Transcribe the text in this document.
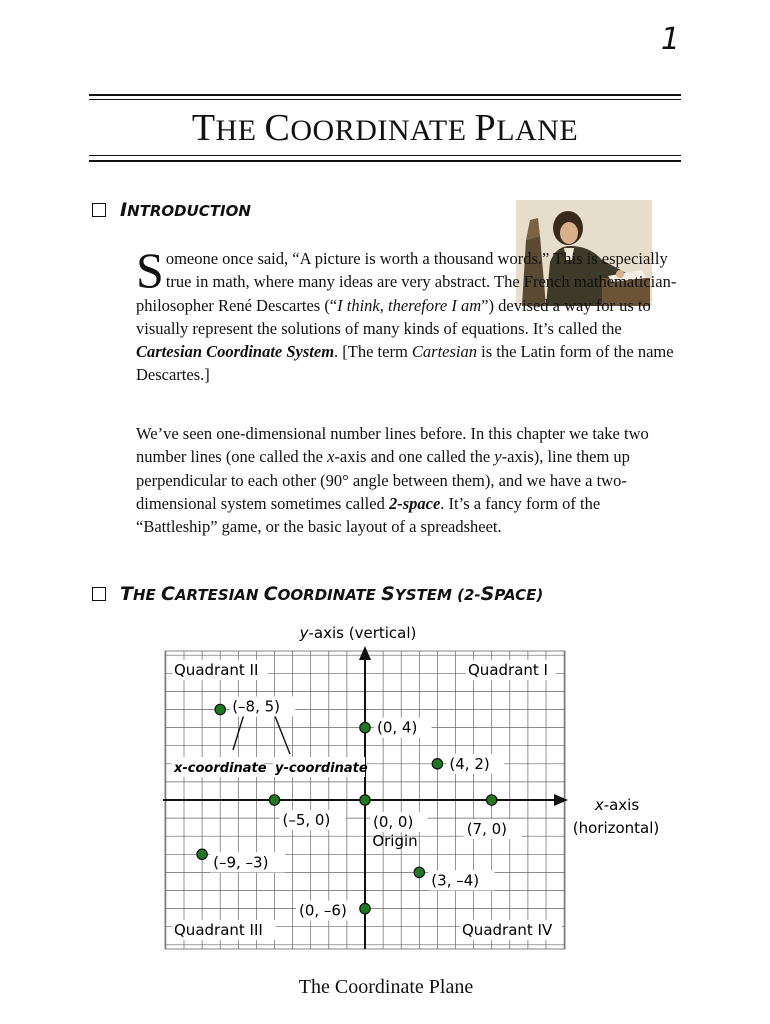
1
THE COORDINATE PLANE
INTRODUCTION
Someone once said, “A picture is worth a thousand words.” This is especially true in math, where many ideas are very abstract. The French mathematician-philosopher René Descartes (“I think, therefore I am”) devised a way for us to visually represent the solutions of many kinds of equations. It’s called the Cartesian Coordinate System. [The term Cartesian is the Latin form of the name Descartes.]
We’ve seen one-dimensional number lines before. In this chapter we take two number lines (one called the x-axis and one called the y-axis), line them up perpendicular to each other (90° angle between them), and we have a two-dimensional system sometimes called 2-space. It’s a fancy form of the “Battleship” game, or the basic layout of a spreadsheet.
THE CARTESIAN COORDINATE SYSTEM (2-SPACE)
y-axis (vertical)
x-axis
(horizontal)
Quadrant II	Quadrant I
Quadrant III	Quadrant IV
x-coordinate y-coordinate
(–8, 5)
(0, 4)
(4, 2)
(–5, 0)	(0, 0)	(7, 0)
(–9, –3)
(3, –4)
(0, –6)
Origin
The Coordinate Plane
